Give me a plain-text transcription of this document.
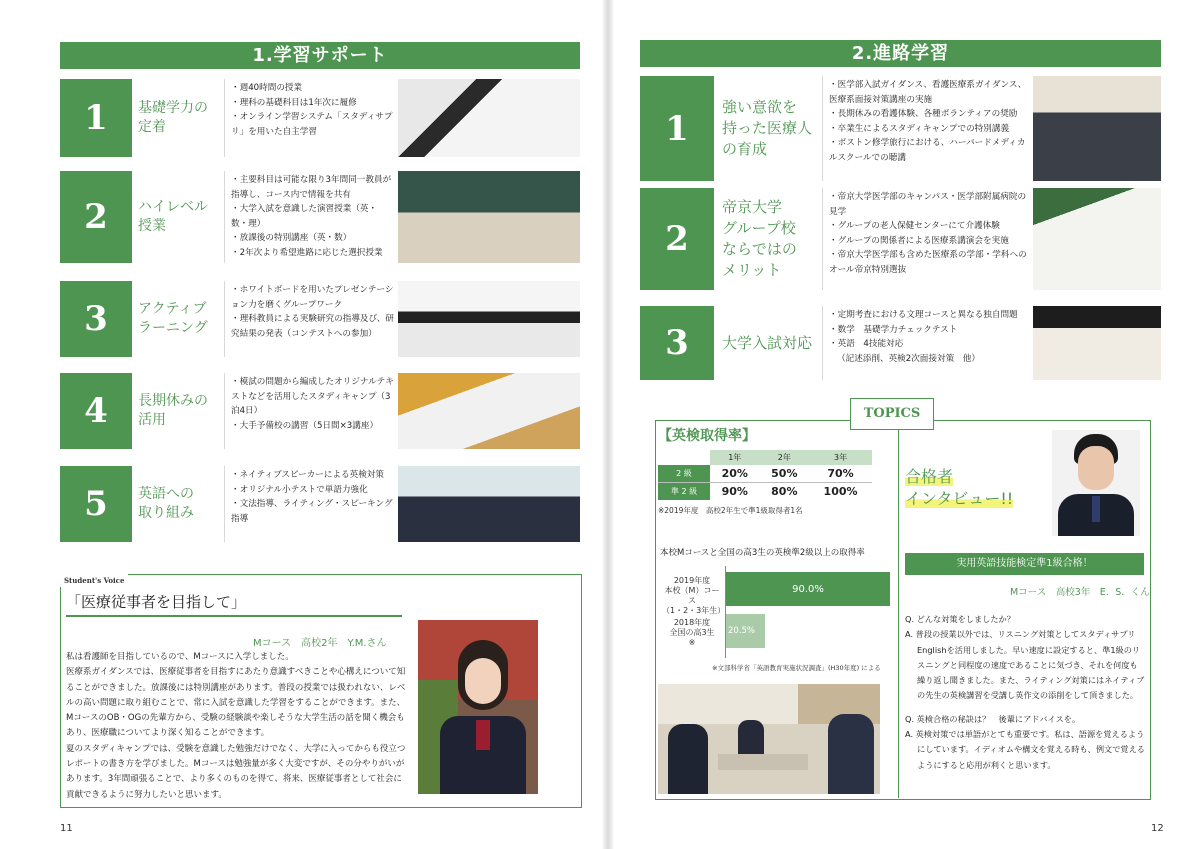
1.学習サポート
1	基礎学力の
定着
・ 週40時間の授業
・ 理科の基礎科目は1年次に履修
・ オンライン学習システム「スタディサプリ」を用いた自主学習
2	ハイレベル
授業
・ 主要科目は可能な限り3年間同一教員が指導し、コース内で情報を共有
・ 大学入試を意識した演習授業（英・数・理）
・ 放課後の特別講座（英・数）
・ 2年次より希望進路に応じた選択授業
3	アクティブ
ラーニング
・ ホワイトボードを用いたプレゼンテーション力を磨くグループワーク
・ 理科教員による実験研究の指導及び、研究結果の発表（コンテストへの参加）
4	長期休みの
活用
・ 模試の問題から編成したオリジナルテキストなどを活用したスタディキャンプ（3泊4日）
・ 大手予備校の講習（5日間×3講座）
5	英語への
取り組み
・ ネイティブスピーカーによる英検対策
・ オリジナル小テストで単語力強化
・ 文法指導、ライティング・スピーキング指導
Student's Voice
「医療従事者を目指して」
Mコース　高校2年　Y.M.さん
私は看護師を目指しているので、Mコースに入学しました。
医療系ガイダンスでは、医療従事者を目指すにあたり意識すべきことや心構えについて知ることができました。放課後には特別講座があります。普段の授業では扱われない、レベルの高い問題に取り組むことで、常に入試を意識した学習をすることができます。また、MコースのOB・OGの先輩方から、受験の経験談や楽しそうな大学生活の話を聞く機会もあり、医療職についてより深く知ることができます。
夏のスタディキャンプでは、受験を意識した勉強だけでなく、大学に入ってからも役立つレポートの書き方を学びました。Mコースは勉強量が多く大変ですが、その分やりがいがあります。3年間頑張ることで、より多くのものを得て、将来、医療従事者として社会に貢献できるように努力したいと思います。
11
2.進路学習
1
強い意欲を
持った医療人
の育成
・ 医学部入試ガイダンス、看護医療系ガイダンス、医療系面接対策講座の実施
・ 長期休みの看護体験、各種ボランティアの奨励
・ 卒業生によるスタディキャンプでの特別講義
・ ボストン修学旅行における、ハーバードメディカルスクールでの聴講
2
帝京大学
グループ校
ならではの
メリット
・ 帝京大学医学部のキャンパス・医学部附属病院の見学
・ グループの老人保健センターにて介護体験
・ グループの関係者による医療系講演会を実施
・ 帝京大学医学部も含めた医療系の学部・学科へのオール帝京特別選抜
3	大学入試対応
・ 定期考査における文理コースと異なる独自問題
・ 数学　基礎学力チェックテスト
・ 英語　4技能対応
（記述添削、英検2次面接対策　他）
TOPICS
【英検取得率】
	1年	2年	3年
2 級	20%	50%	70%
準 2 級	90%	80%	100%
※2019年度　高校2年生で準1級取得者1名
本校Mコースと全国の高3生の英検準2級以上の取得率
2019年度
本校（M）コース
（1・2・3年生）
90.0%
2018年度
全国の高3生
※
20.5%
※文部科学省「英語教育実施状況調査」(H30年度) による
合格者
インタビュー!!
実用英語技能検定準1級合格！
Mコース　高校3年　E．S．くん
Q. どんな対策をしましたか？
A. 普段の授業以外では、リスニング対策としてスタディサプリEnglishを活用しました。早い速度に設定すると、準1級のリスニングと同程度の速度であることに気づき、それを何度も繰り返し聞きました。また、ライティング対策にはネイティブの先生の英検講習を受講し英作文の添削をして頂きました。
Q. 英検合格の秘訣は？　後輩にアドバイスを。
A. 英検対策では単語がとても重要です。私は、語源を覚えるようにしています。イディオムや構文を覚える時も、例文で覚えるようにすると応用が利くと思います。
12
